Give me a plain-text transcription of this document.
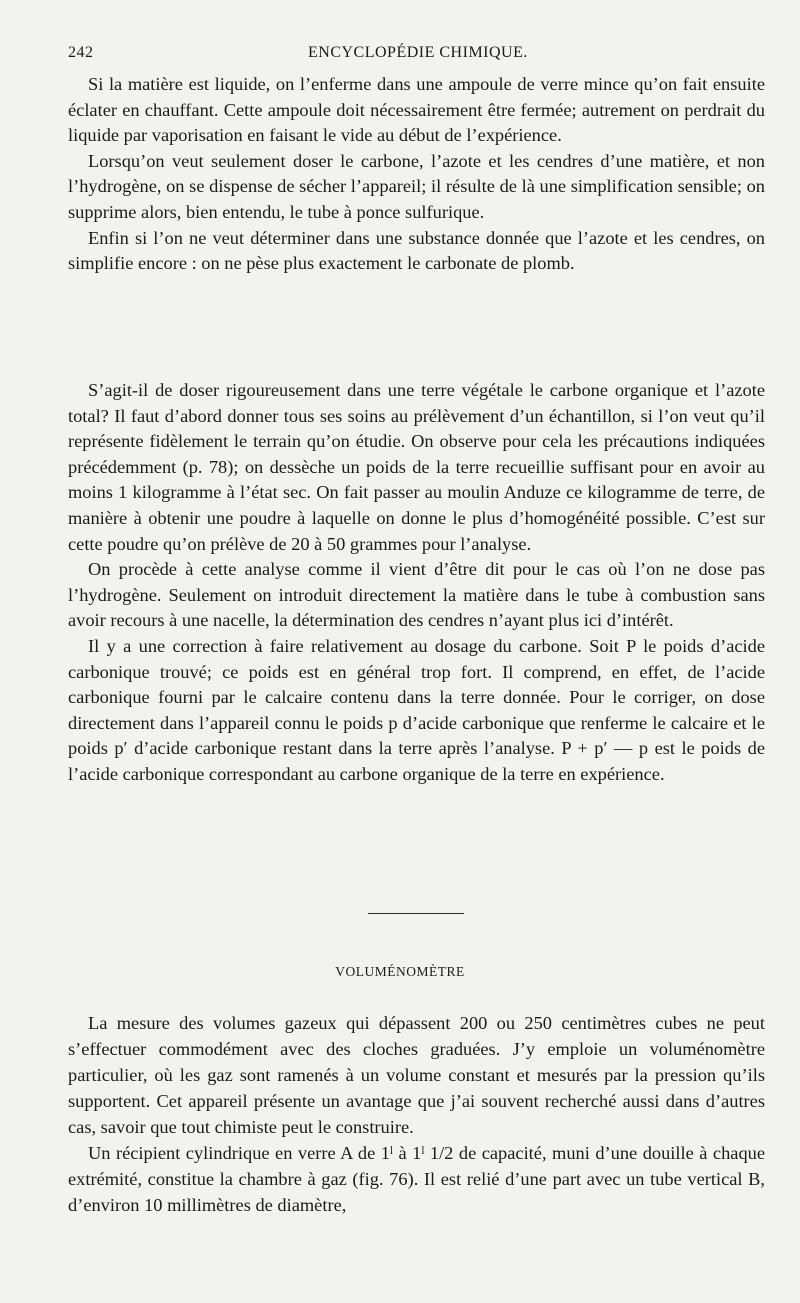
242	ENCYCLOPÉDIE CHIMIQUE.

Si la matière est liquide, on l’enferme dans une ampoule de verre mince qu’on fait ensuite éclater en chauffant. Cette ampoule doit nécessairement être fermée; autrement on perdrait du liquide par vaporisation en faisant le vide au début de l’expérience.

Lorsqu’on veut seulement doser le carbone, l’azote et les cendres d’une matière, et non l’hydrogène, on se dispense de sécher l’appareil; il résulte de là une simplification sensible; on supprime alors, bien entendu, le tube à ponce sulfurique.

Enfin si l’on ne veut déterminer dans une substance donnée que l’azote et les cendres, on simplifie encore : on ne pèse plus exactement le carbonate de plomb.

S’agit-il de doser rigoureusement dans une terre végétale le carbone organique et l’azote total? Il faut d’abord donner tous ses soins au prélèvement d’un échantillon, si l’on veut qu’il représente fidèlement le terrain qu’on étudie. On observe pour cela les précautions indiquées précédemment (p. 78); on dessèche un poids de la terre recueillie suffisant pour en avoir au moins 1 kilogramme à l’état sec. On fait passer au moulin Anduze ce kilogramme de terre, de manière à obtenir une poudre à laquelle on donne le plus d’homogénéité possible. C’est sur cette poudre qu’on prélève de 20 à 50 grammes pour l’analyse.

On procède à cette analyse comme il vient d’être dit pour le cas où l’on ne dose pas l’hydrogène. Seulement on introduit directement la matière dans le tube à combustion sans avoir recours à une nacelle, la détermination des cendres n’ayant plus ici d’intérêt.

Il y a une correction à faire relativement au dosage du carbone. Soit P le poids d’acide carbonique trouvé; ce poids est en général trop fort. Il comprend, en effet, de l’acide carbonique fourni par le calcaire contenu dans la terre donnée. Pour le corriger, on dose directement dans l’appareil connu le poids p d’acide carbonique que renferme le calcaire et le poids p′ d’acide carbonique restant dans la terre après l’analyse. P + p′ — p est le poids de l’acide carbonique correspondant au carbone organique de la terre en expérience.

VOLUMÉNOMÈTRE

La mesure des volumes gazeux qui dépassent 200 ou 250 centimètres cubes ne peut s’effectuer commodément avec des cloches graduées. J’y emploie un voluménomètre particulier, où les gaz sont ramenés à un volume constant et mesurés par la pression qu’ils supportent. Cet appareil présente un avantage que j’ai souvent recherché aussi dans d’autres cas, savoir que tout chimiste peut le construire.

Un récipient cylindrique en verre A de 1ˡ à 1ˡ 1/2 de capacité, muni d’une douille à chaque extrémité, constitue la chambre à gaz (fig. 76). Il est relié d’une part avec un tube vertical B, d’environ 10 millimètres de diamètre,
